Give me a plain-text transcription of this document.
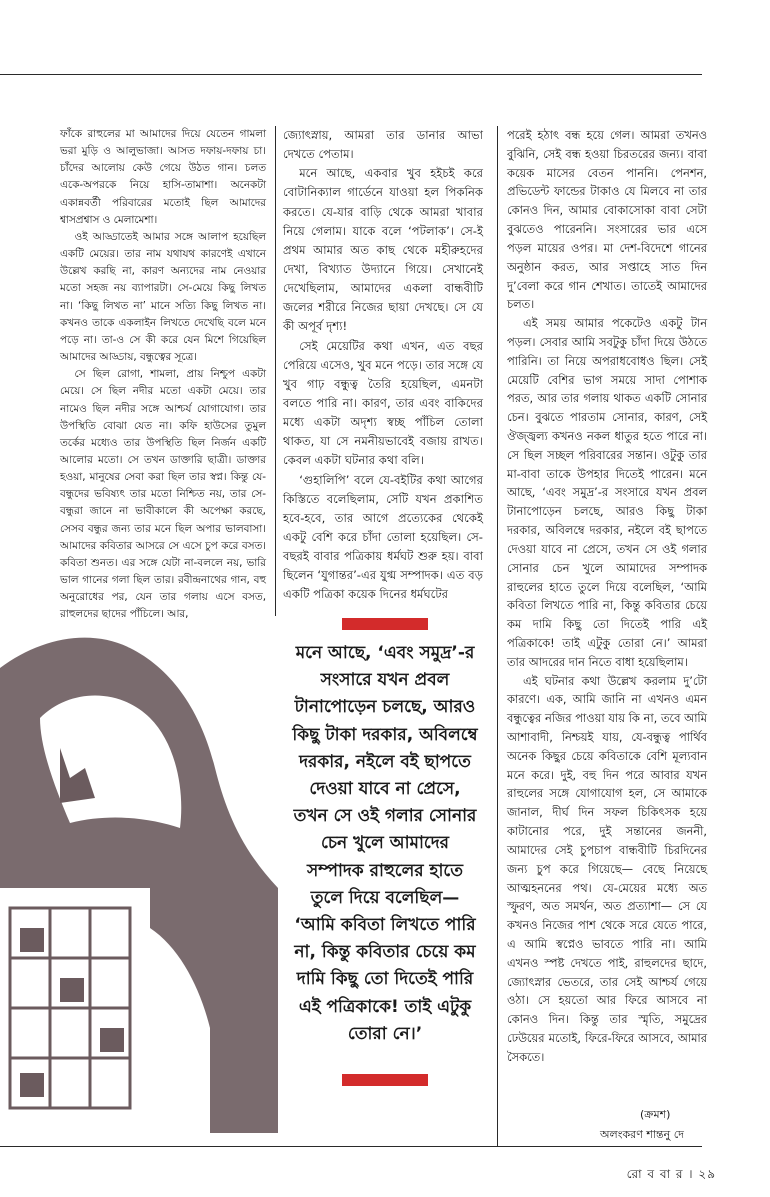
ফাঁকে রাহুলের মা আমাদের দিয়ে যেতেন গামলা ভরা মুড়ি ও আলুভাজা। আসত দফায়-দফায় চা। চাঁদের আলোয় কেউ গেয়ে উঠত গান। চলত একে-অপরকে নিয়ে হাসি-তামাশা। অনেকটা একান্নবর্তী পরিবারের মতোই ছিল আমাদের শ্বাসপ্রশ্বাস ও মেলামেশা।

ওই আড্ডাতেই আমার সঙ্গে আলাপ হয়েছিল একটি মেয়ের। তার নাম যথাযথ কারণেই এখানে উল্লেখ করছি না, কারণ অন্যদের নাম নেওয়ার মতো সহজ নয় ব্যাপারটা। সে-মেয়ে কিছু লিখত না। ‘কিছু লিখত না’ মানে সত্যি কিছু লিখত না। কখনও তাকে একলাইন লিখতে দেখেছি বলে মনে পড়ে না। তা-ও সে কী করে যেন মিশে গিয়েছিল আমাদের আড্ডায়, বন্ধুত্বের সূত্রে।

সে ছিল রোগা, শামলা, প্রায় নিশ্চুপ একটা মেয়ে। সে ছিল নদীর মতো একটা মেয়ে। তার নামেও ছিল নদীর সঙ্গে আশ্চর্য যোগাযোগ। তার উপস্থিতি বোঝা যেত না। কফি হাউসের তুমুল তর্কের মধ্যেও তার উপস্থিতি ছিল নির্জন একটি আলোর মতো। সে তখন ডাক্তারি ছাত্রী। ডাক্তার হওয়া, মানুষের সেবা করা ছিল তার স্বপ্ন। কিন্তু যে-বন্ধুদের ভবিষ্যৎ তার মতো নিশ্চিত নয়, তার সে-বন্ধুরা জানে না ভাবীকালে কী অপেক্ষা করছে, সেসব বন্ধুর জন্য তার মনে ছিল অপার ভালবাসা। আমাদের কবিতার আসরে সে এসে চুপ করে বসত। কবিতা শুনত। এর সঙ্গে যেটা না-বললে নয়, ভারি ভাল গানের গলা ছিল তার। রবীন্দ্রনাথের গান, বহু অনুরোধের পর, যেন তার গলায় এসে বসত, রাহুলদের ছাদের পাঁচিলে। আর,

জ্যোৎস্নায়, আমরা তার ডানার আভা দেখতে পেতাম।

মনে আছে, একবার খুব হইচই করে বোটানিক্যাল গার্ডেনে যাওয়া হল পিকনিক করতে। যে-যার বাড়ি থেকে আমরা খাবার নিয়ে গেলাম। যাকে বলে ‘পটলাক’। সে-ই প্রথম আমার অত কাছ থেকে মহীরুহদের দেখা, বিখ্যাত উদ্যানে গিয়ে। সেখানেই দেখেছিলাম, আমাদের একলা বান্ধবীটি জলের শরীরে নিজের ছায়া দেখছে। সে যে কী অপূর্ব দৃশ্য!

সেই মেয়েটির কথা এখন, এত বছর পেরিয়ে এসেও, খুব মনে পড়ে। তার সঙ্গে যে খুব গাঢ় বন্ধুত্ব তৈরি হয়েছিল, এমনটা বলতে পারি না। কারণ, তার এবং বাকিদের মধ্যে একটা অদৃশ্য স্বচ্ছ পাঁচিল তোলা থাকত, যা সে নমনীয়ভাবেই বজায় রাখত। কেবল একটা ঘটনার কথা বলি।

‘গুহালিপি’ বলে যে-বইটির কথা আগের কিস্তিতে বলেছিলাম, সেটি যখন প্রকাশিত হবে-হবে, তার আগে প্রত্যেকের থেকেই একটু বেশি করে চাঁদা তোলা হয়েছিল। সে-বছরই বাবার পত্রিকায় ধর্মঘট শুরু হয়। বাবা ছিলেন ‘যুগান্তর’-এর যুগ্ম সম্পাদক। এত বড় একটি পত্রিকা কয়েক দিনের ধর্মঘটের

মনে আছে, ‘এবং সমুদ্র’-র সংসারে যখন প্রবল টানাপোড়েন চলছে, আরও কিছু টাকা দরকার, অবিলম্বে দরকার, নইলে বই ছাপতে দেওয়া যাবে না প্রেসে, তখন সে ওই গলার সোনার চেন খুলে আমাদের সম্পাদক রাহুলের হাতে তুলে দিয়ে বলেছিল— ‘আমি কবিতা লিখতে পারি না, কিন্তু কবিতার চেয়ে কম দামি কিছু তো দিতেই পারি এই পত্রিকাকে! তাই এটুকু তোরা নে।’

পরেই হঠাৎ বন্ধ হয়ে গেল। আমরা তখনও বুঝিনি, সেই বন্ধ হওয়া চিরতরের জন্য। বাবা কয়েক মাসের বেতন পাননি। পেনশন, প্রভিডেন্ট ফান্ডের টাকাও যে মিলবে না তার কোনও দিন, আমার বোকাসোকা বাবা সেটা বুঝতেও পারেননি। সংসারের ভার এসে পড়ল মায়ের ওপর। মা দেশ-বিদেশে গানের অনুষ্ঠান করত, আর সপ্তাহে সাত দিন দু’বেলা করে গান শেখাত। তাতেই আমাদের চলত।

এই সময় আমার পকেটেও একটু টান পড়ল। সেবার আমি সবটুকু চাঁদা দিয়ে উঠতে পারিনি। তা নিয়ে অপরাধবোধও ছিল। সেই মেয়েটি বেশির ভাগ সময়ে সাদা পোশাক পরত, আর তার গলায় থাকত একটি সোনার চেন। বুঝতে পারতাম সোনার, কারণ, সেই ঔজ্জ্বল্য কখনও নকল ধাতুর হতে পারে না। সে ছিল সচ্ছল পরিবারের সন্তান। ওটুকু তার মা-বাবা তাকে উপহার দিতেই পারেন। মনে আছে, ‘এবং সমুদ্র’-র সংসারে যখন প্রবল টানাপোড়েন চলছে, আরও কিছু টাকা দরকার, অবিলম্বে দরকার, নইলে বই ছাপতে দেওয়া যাবে না প্রেসে, তখন সে ওই গলার সোনার চেন খুলে আমাদের সম্পাদক রাহুলের হাতে তুলে দিয়ে বলেছিল, ‘আমি কবিতা লিখতে পারি না, কিন্তু কবিতার চেয়ে কম দামি কিছু তো দিতেই পারি এই পত্রিকাকে! তাই এটুকু তোরা নে।’ আমরা তার আদরের দান নিতে বাধা হয়েছিলাম।

এই ঘটনার কথা উল্লেখ করলাম দু’টো কারণে। এক, আমি জানি না এখনও এমন বন্ধুত্বের নজির পাওয়া যায় কি না, তবে আমি আশাবাদী, নিশ্চয়ই যায়, যে-বন্ধুত্ব পার্থিব অনেক কিছুর চেয়ে কবিতাকে বেশি মূল্যবান মনে করে। দুই, বহু দিন পরে আবার যখন রাহুলের সঙ্গে যোগাযোগ হল, সে আমাকে জানাল, দীর্ঘ দিন সফল চিকিৎসক হয়ে কাটানোর পরে, দুই সন্তানের জননী, আমাদের সেই চুপচাপ বান্ধবীটি চিরদিনের জন্য চুপ করে গিয়েছে— বেছে নিয়েছে আত্মহননের পথ। যে-মেয়ের মধ্যে অত স্ফুরণ, অত সমর্থন, অত প্রত্যাশা— সে যে কখনও নিজের পাশ থেকে সরে যেতে পারে, এ আমি স্বপ্নেও ভাবতে পারি না। আমি এখনও স্পষ্ট দেখতে পাই, রাহুলদের ছাদে, জ্যোৎস্নার ভেতরে, তার সেই আশ্চর্য গেয়ে ওঠা। সে হয়তো আর ফিরে আসবে না কোনও দিন। কিন্তু তার স্মৃতি, সমুদ্রের ঢেউয়ের মতোই, ফিরে-ফিরে আসবে, আমার সৈকতে।

(ক্রমশ)
অলংকরণ শান্তনু দে
রো ব বা র । ২৯
